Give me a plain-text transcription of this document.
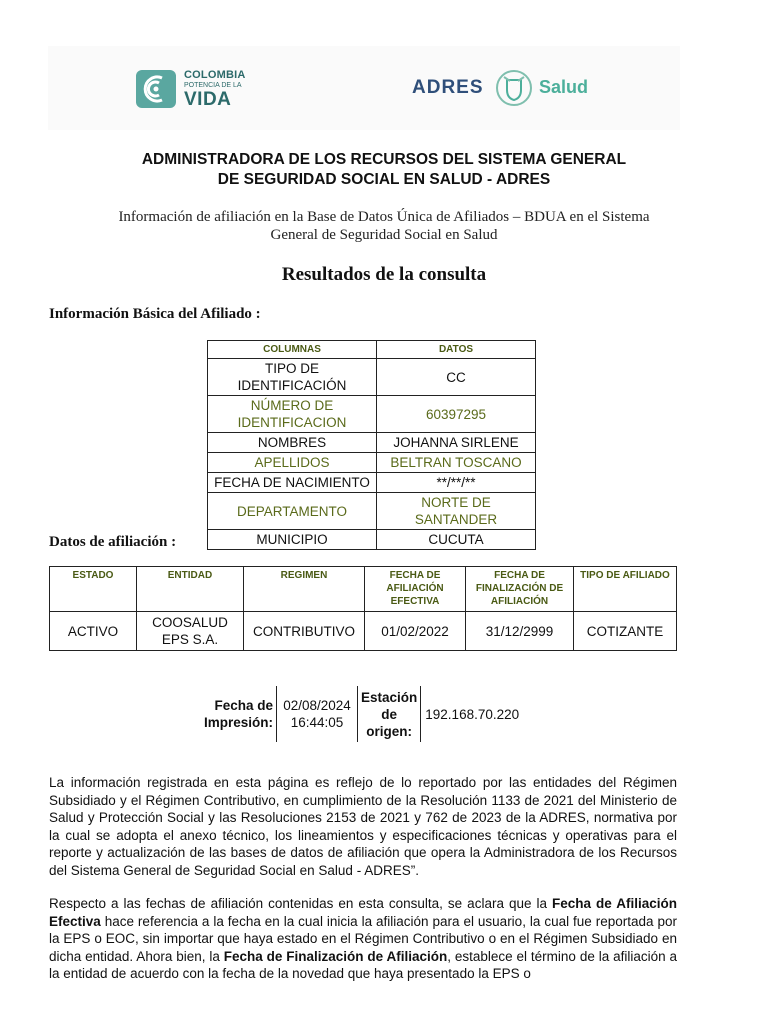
COLOMBIA
POTENCIA DE LA
VIDA
ADRES	Salud
ADMINISTRADORA DE LOS RECURSOS DEL SISTEMA GENERAL
DE SEGURIDAD SOCIAL EN SALUD - ADRES
Información de afiliación en la Base de Datos Única de Afiliados – BDUA en el Sistema
General de Seguridad Social en Salud
Resultados de la consulta
Información Básica del Afiliado :
COLUMNAS	DATOS
TIPO DE IDENTIFICACIÓN	CC
NÚMERO DE IDENTIFICACION	60397295
NOMBRES	JOHANNA SIRLENE
APELLIDOS	BELTRAN TOSCANO
FECHA DE NACIMIENTO	**/**/**
DEPARTAMENTO	NORTE DE SANTANDER
MUNICIPIO	CUCUTA
Datos de afiliación :
ESTADO	ENTIDAD	REGIMEN	FECHA DE AFILIACIÓN EFECTIVA	FECHA DE FINALIZACIÓN DE AFILIACIÓN	TIPO DE AFILIADO
ACTIVO	COOSALUD EPS S.A.	CONTRIBUTIVO	01/02/2022	31/12/2999	COTIZANTE
Fecha de Impresión:	02/08/2024 16:44:05	Estación de origen:	192.168.70.220
La información registrada en esta página es reflejo de lo reportado por las entidades del Régimen Subsidiado y el Régimen Contributivo, en cumplimiento de la Resolución 1133 de 2021 del Ministerio de Salud y Protección Social y las Resoluciones 2153 de 2021 y 762 de 2023 de la ADRES, normativa por la cual se adopta el anexo técnico, los lineamientos y especificaciones técnicas y operativas para el reporte y actualización de las bases de datos de afiliación que opera la Administradora de los Recursos del Sistema General de Seguridad Social en Salud - ADRES”.
Respecto a las fechas de afiliación contenidas en esta consulta, se aclara que la Fecha de Afiliación Efectiva hace referencia a la fecha en la cual inicia la afiliación para el usuario, la cual fue reportada por la EPS o EOC, sin importar que haya estado en el Régimen Contributivo o en el Régimen Subsidiado en dicha entidad. Ahora bien, la Fecha de Finalización de Afiliación, establece el término de la afiliación a la entidad de acuerdo con la fecha de la novedad que haya presentado la EPS o
